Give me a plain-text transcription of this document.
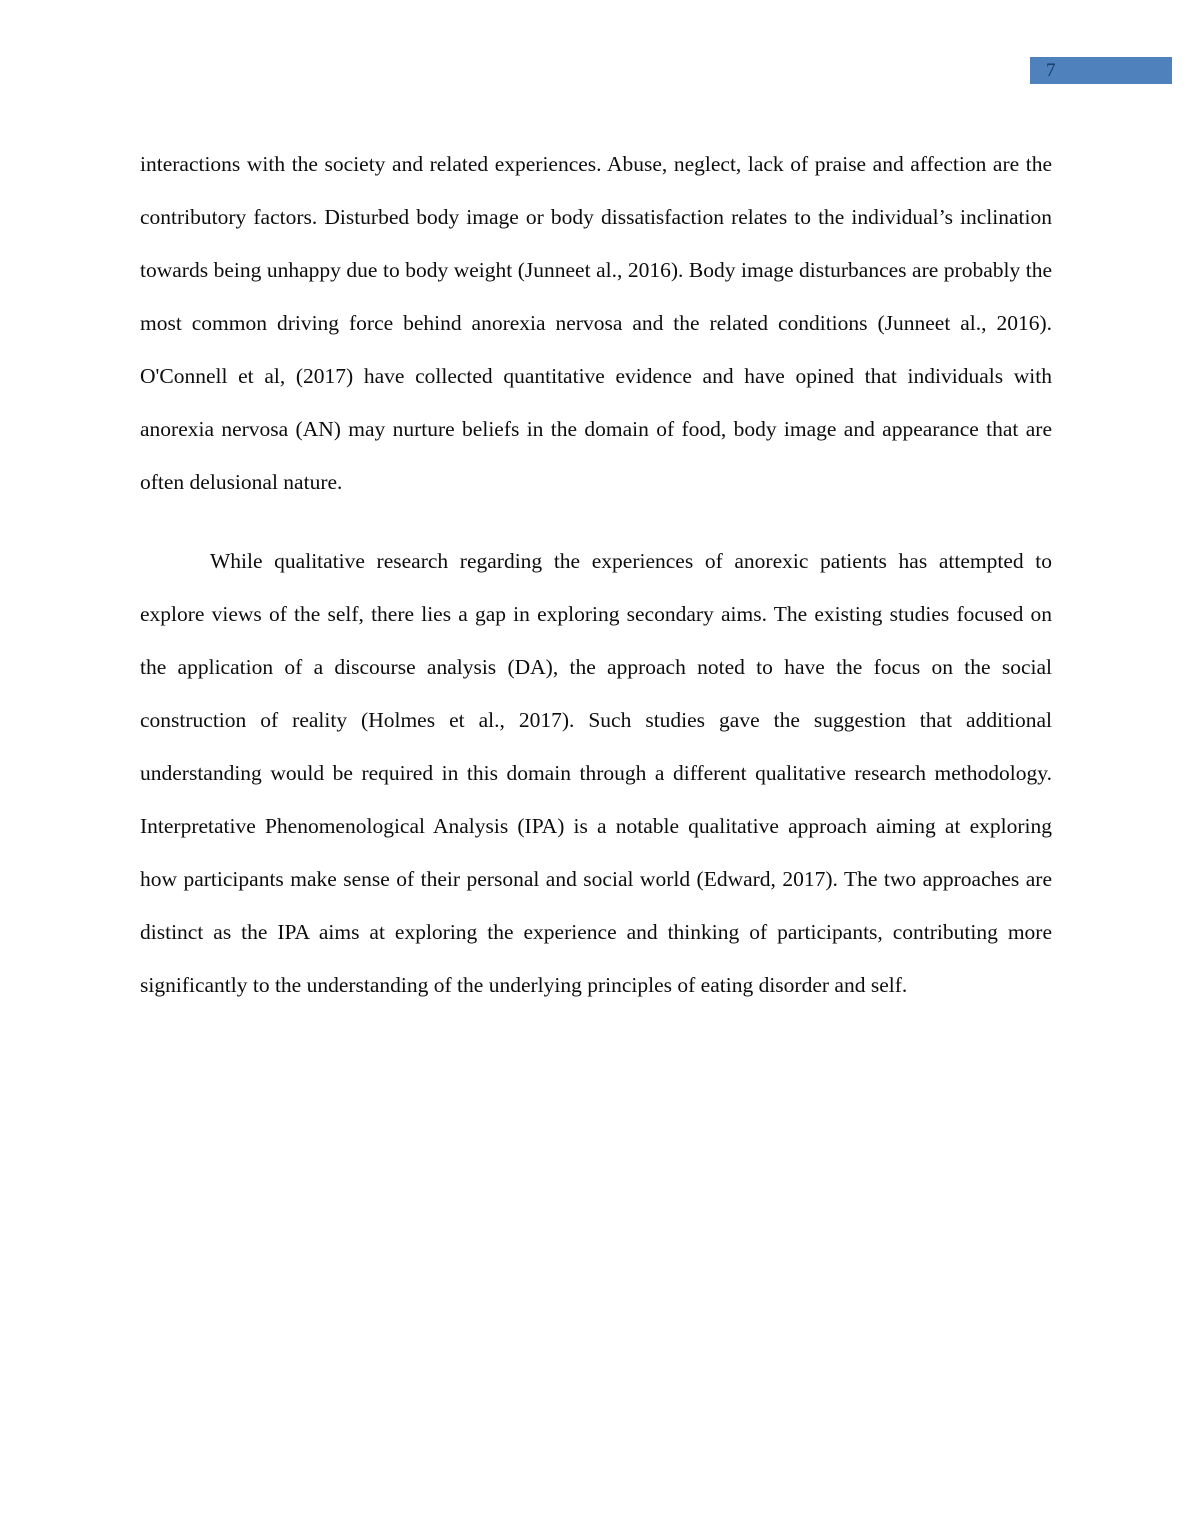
7

interactions with the society and related experiences. Abuse, neglect, lack of praise and affection are the contributory factors. Disturbed body image or body dissatisfaction relates to the individual’s inclination towards being unhappy due to body weight (Junneet al., 2016). Body image disturbances are probably the most common driving force behind anorexia nervosa and the related conditions (Junneet al., 2016). O'Connell et al, (2017) have collected quantitative evidence and have opined that individuals with anorexia nervosa (AN) may nurture beliefs in the domain of food, body image and appearance that are often delusional nature.

While qualitative research regarding the experiences of anorexic patients has attempted to explore views of the self, there lies a gap in exploring secondary aims. The existing studies focused on the application of a discourse analysis (DA), the approach noted to have the focus on the social construction of reality (Holmes et al., 2017). Such studies gave the suggestion that additional understanding would be required in this domain through a different qualitative research methodology. Interpretative Phenomenological Analysis (IPA) is a notable qualitative approach aiming at exploring how participants make sense of their personal and social world (Edward, 2017). The two approaches are distinct as the IPA aims at exploring the experience and thinking of participants, contributing more significantly to the understanding of the underlying principles of eating disorder and self.
